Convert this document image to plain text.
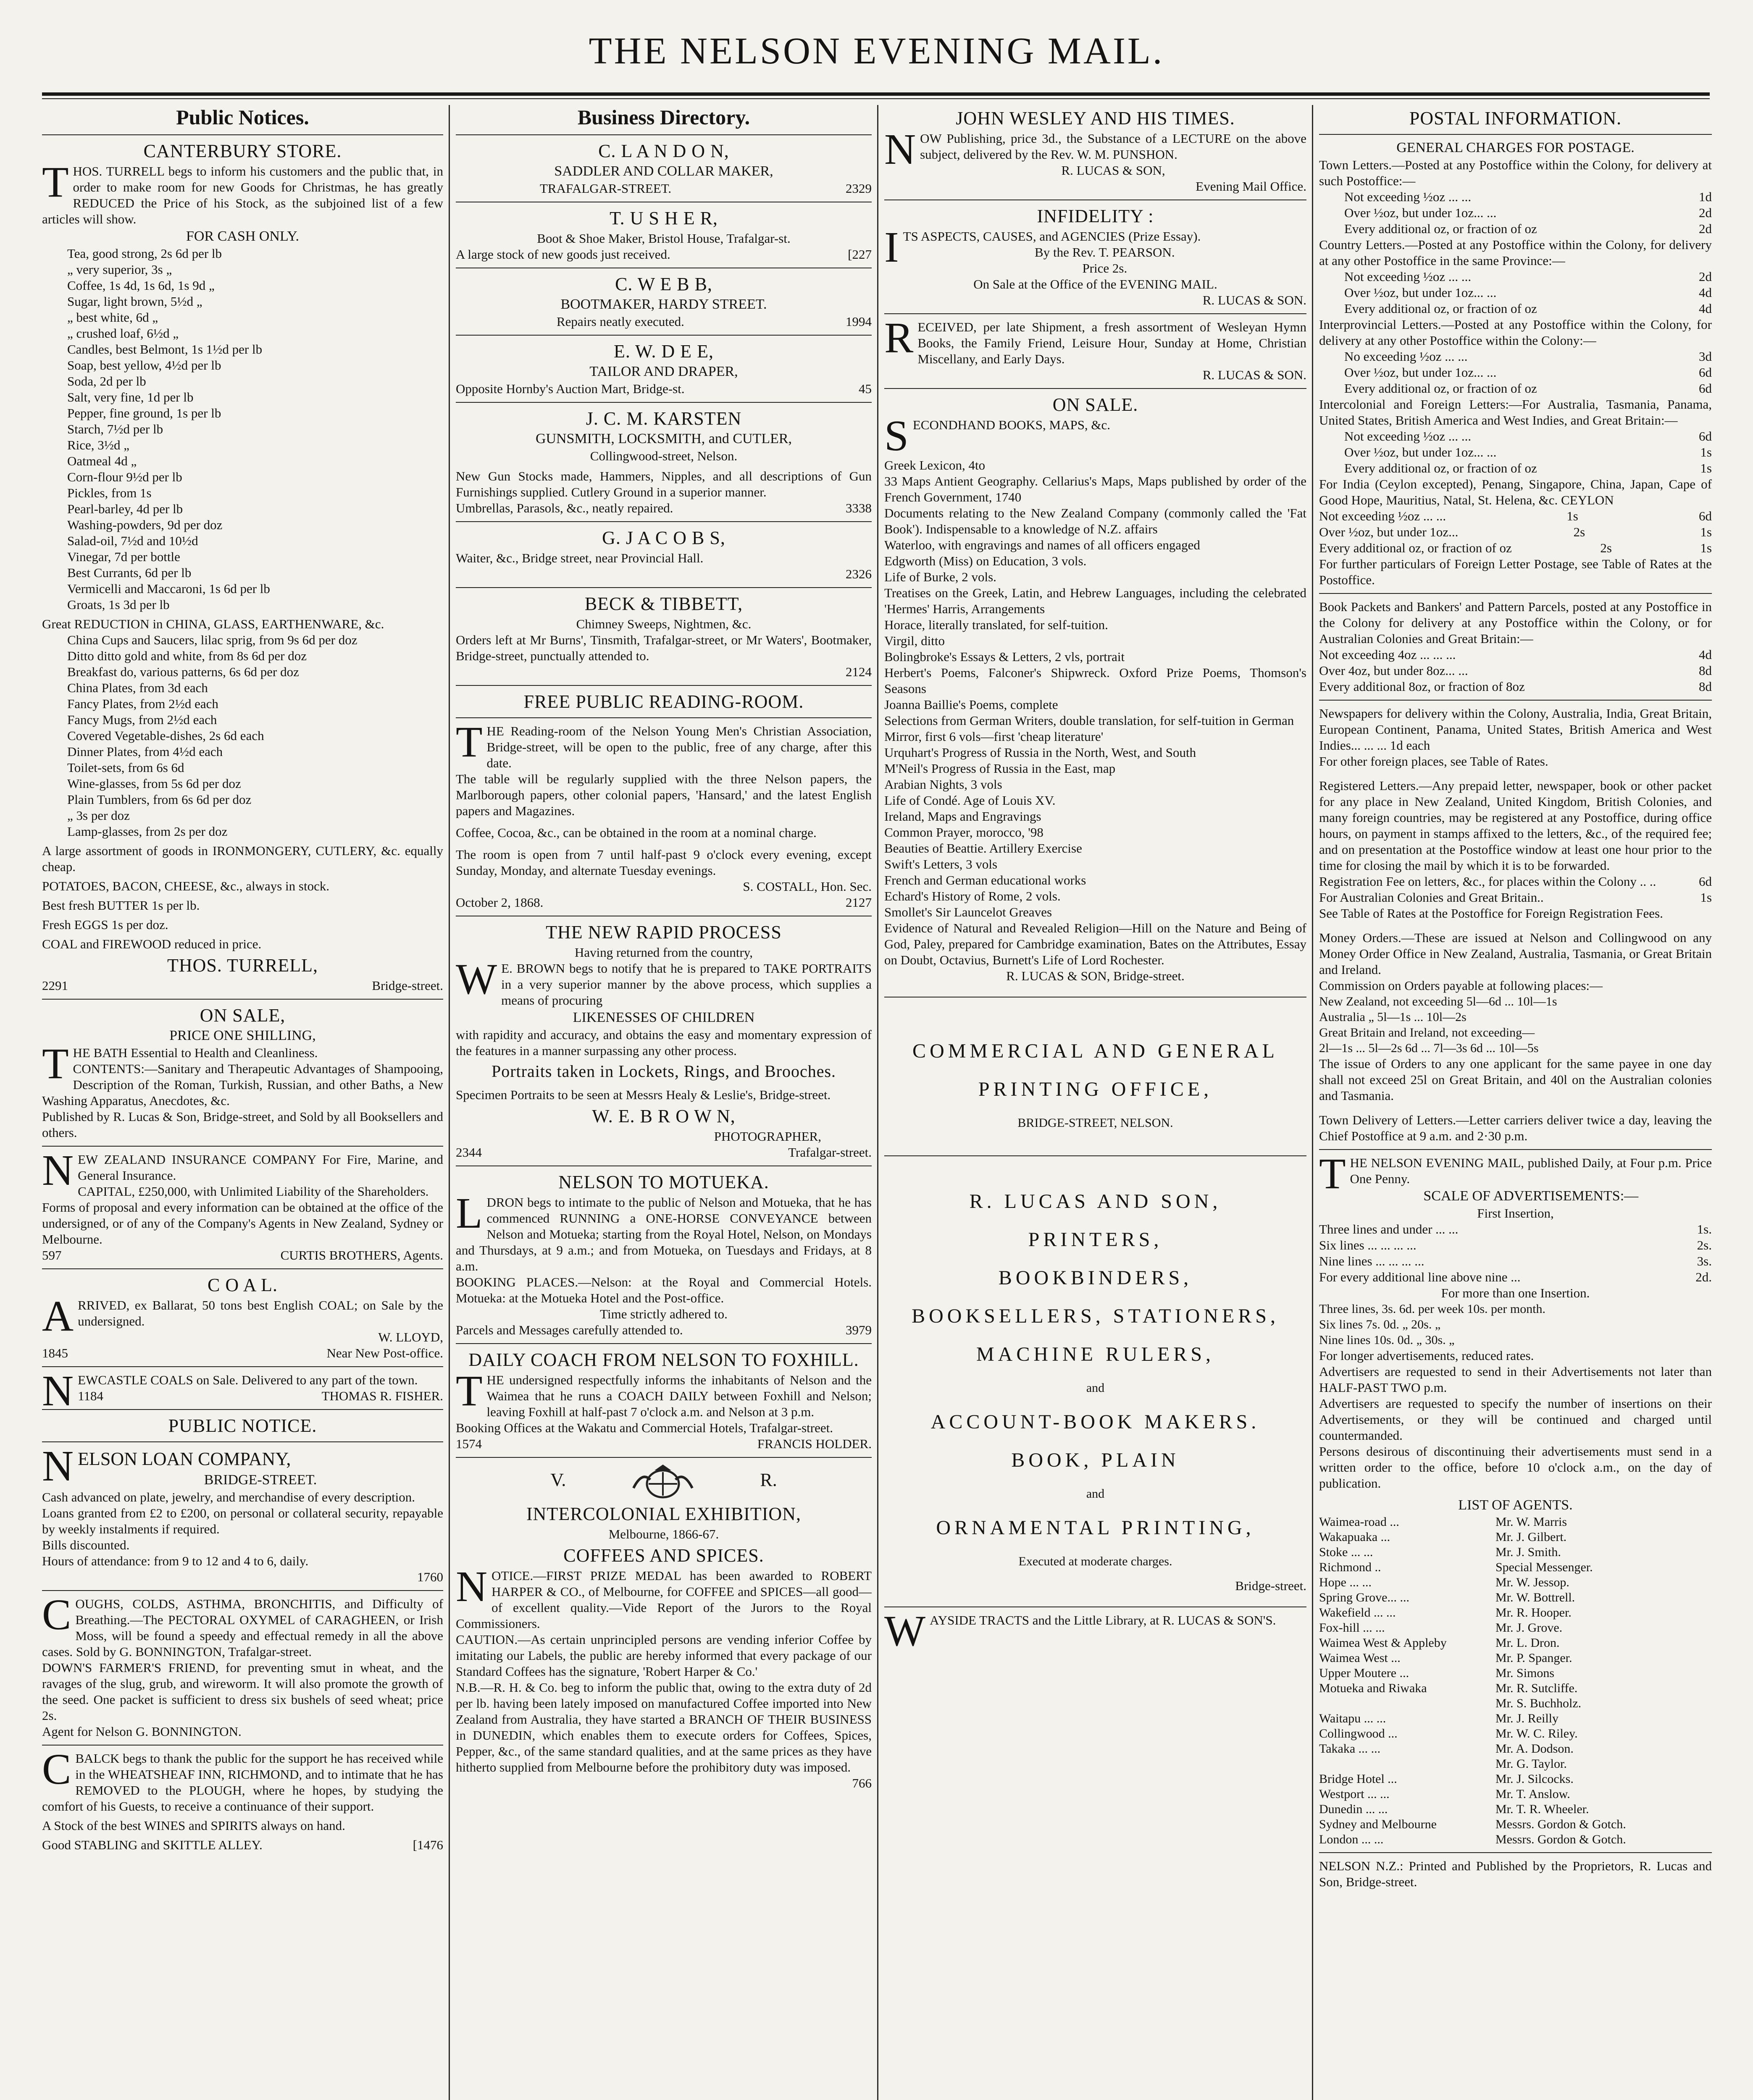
THE NELSON EVENING MAIL.
Public Notices.
CANTERBURY STORE.
THOS. TURRELL begs to inform his customers and the public that, in order to make room for new Goods for Christmas, he has greatly REDUCED the Price of his Stock, as the subjoined list of a few articles will show.
FOR CASH ONLY.
Tea, good strong, 2s 6d per lb
„ very superior, 3s „
Coffee, 1s 4d, 1s 6d, 1s 9d „
Sugar, light brown, 5½d „
„ best white, 6d „
„ crushed loaf, 6½d „
Candles, best Belmont, 1s 1½d per lb
Soap, best yellow, 4½d per lb
Soda, 2d per lb
Salt, very fine, 1d per lb
Pepper, fine ground, 1s per lb
Starch, 7½d per lb
Rice, 3½d „
Oatmeal 4d „
Corn-flour 9½d per lb
Pickles, from 1s
Pearl-barley, 4d per lb
Washing-powders, 9d per doz
Salad-oil, 7½d and 10½d
Vinegar, 7d per bottle
Best Currants, 6d per lb
Vermicelli and Maccaroni, 1s 6d per lb
Groats, 1s 3d per lb
Great REDUCTION in CHINA, GLASS, EARTHENWARE, &c.
China Cups and Saucers, lilac sprig, from 9s 6d per doz
Ditto ditto gold and white, from 8s 6d per doz
Breakfast do, various patterns, 6s 6d per doz
China Plates, from 3d each
Fancy Plates, from 2½d each
Fancy Mugs, from 2½d each
Covered Vegetable-dishes, 2s 6d each
Dinner Plates, from 4½d each
Toilet-sets, from 6s 6d
Wine-glasses, from 5s 6d per doz
Plain Tumblers, from 6s 6d per doz
„ 3s per doz
Lamp-glasses, from 2s per doz
A large assortment of goods in IRONMONGERY, CUTLERY, &c. equally cheap.
POTATOES, BACON, CHEESE, &c., always in stock.
Best fresh BUTTER 1s per lb.
Fresh EGGS 1s per doz.
COAL and FIREWOOD reduced in price.
THOS. TURRELL,
2291	Bridge-street.
ON SALE,
PRICE ONE SHILLING,
THE BATH Essential to Health and Cleanliness.
CONTENTS:—Sanitary and Therapeutic Advantages of Shampooing, Description of the Roman, Turkish, Russian, and other Baths, a New Washing Apparatus, Anecdotes, &c.
Published by R. Lucas & Son, Bridge-street, and Sold by all Booksellers and others.
NEW ZEALAND INSURANCE COMPANY For Fire, Marine, and General Insurance.
CAPITAL, £250,000, with Unlimited Liability of the Shareholders.
Forms of proposal and every information can be obtained at the office of the undersigned, or of any of the Company's Agents in New Zealand, Sydney or Melbourne.
597	CURTIS BROTHERS, Agents.
C O A L.
ARRIVED, ex Ballarat, 50 tons best English COAL; on Sale by the undersigned.
W. LLOYD,
1845	Near New Post-office.
NEWCASTLE COALS on Sale. Delivered to any part of the town.
1184	THOMAS R. FISHER.
PUBLIC NOTICE.
NELSON LOAN COMPANY,
BRIDGE-STREET.
Cash advanced on plate, jewelry, and merchandise of every description.
Loans granted from £2 to £200, on personal or collateral security, repayable by weekly instalments if required.
Bills discounted.
Hours of attendance: from 9 to 12 and 4 to 6, daily.
1760
COUGHS, COLDS, ASTHMA, BRONCHITIS, and Difficulty of Breathing.—The PECTORAL OXYMEL of CARAGHEEN, or Irish Moss, will be found a speedy and effectual remedy in all the above cases. Sold by G. BONNINGTON, Trafalgar-street.
DOWN'S FARMER'S FRIEND, for preventing smut in wheat, and the ravages of the slug, grub, and wireworm. It will also promote the growth of the seed. One packet is sufficient to dress six bushels of seed wheat; price 2s.
Agent for Nelson G. BONNINGTON.
CBALCK begs to thank the public for the support he has received while in the WHEATSHEAF INN, RICHMOND, and to intimate that he has REMOVED to the PLOUGH, where he hopes, by studying the comfort of his Guests, to receive a continuance of their support.
A Stock of the best WINES and SPIRITS always on hand.
Good STABLING and SKITTLE ALLEY.	[1476
Business Directory.
C. L A N D O N,
SADDLER AND COLLAR MAKER,
TRAFALGAR-STREET.	2329
T. U S H E R,
Boot & Shoe Maker, Bristol House, Trafalgar-st.
A large stock of new goods just received.	[227
C. W E B B,
BOOTMAKER, HARDY STREET.
Repairs neatly executed.	1994
E. W. D E E,
TAILOR AND DRAPER,
Opposite Hornby's Auction Mart, Bridge-st.	45
J. C. M. KARSTEN
GUNSMITH, LOCKSMITH, and CUTLER,
Collingwood-street, Nelson.
New Gun Stocks made, Hammers, Nipples, and all descriptions of Gun Furnishings supplied. Cutlery Ground in a superior manner.
Umbrellas, Parasols, &c., neatly repaired.	3338
G. J A C O B S,
Waiter, &c., Bridge street, near Provincial Hall.
2326
BECK & TIBBETT,
Chimney Sweeps, Nightmen, &c.
Orders left at Mr Burns', Tinsmith, Trafalgar-street, or Mr Waters', Bootmaker, Bridge-street, punctually attended to.
2124
FREE PUBLIC READING-ROOM.
THE Reading-room of the Nelson Young Men's Christian Association, Bridge-street, will be open to the public, free of any charge, after this date.
The table will be regularly supplied with the three Nelson papers, the Marlborough papers, other colonial papers, 'Hansard,' and the latest English papers and Magazines.
Coffee, Cocoa, &c., can be obtained in the room at a nominal charge.
The room is open from 7 until half-past 9 o'clock every evening, except Sunday, Monday, and alternate Tuesday evenings.
S. COSTALL, Hon. Sec.
October 2, 1868.	2127
THE NEW RAPID PROCESS
Having returned from the country,
W E. BROWN begs to notify that he is prepared to TAKE PORTRAITS in a very superior manner by the above process, which supplies a means of procuring
LIKENESSES OF CHILDREN
with rapidity and accuracy, and obtains the easy and momentary expression of the features in a manner surpassing any other process.
Portraits taken in Lockets, Rings, and Brooches.
Specimen Portraits to be seen at Messrs Healy & Leslie's, Bridge-street.
W. E. B R O W N,
PHOTOGRAPHER,
2344	Trafalgar-street.
NELSON TO MOTUEKA.
LDRON begs to intimate to the public of Nelson and Motueka, that he has commenced RUNNING a ONE-HORSE CONVEYANCE between Nelson and Motueka; starting from the Royal Hotel, Nelson, on Mondays and Thursdays, at 9 a.m.; and from Motueka, on Tuesdays and Fridays, at 8 a.m.
BOOKING PLACES.—Nelson: at the Royal and Commercial Hotels. Motueka: at the Motueka Hotel and the Post-office.
Time strictly adhered to.
Parcels and Messages carefully attended to.	3979
DAILY COACH FROM NELSON TO FOXHILL.
THE undersigned respectfully informs the inhabitants of Nelson and the Waimea that he runs a COACH DAILY between Foxhill and Nelson; leaving Foxhill at half-past 7 o'clock a.m. and Nelson at 3 p.m.
Booking Offices at the Wakatu and Commercial Hotels, Trafalgar-street.
1574	FRANCIS HOLDER.
V.	R.
INTERCOLONIAL EXHIBITION,
Melbourne, 1866-67.
COFFEES AND SPICES.
NOTICE.—FIRST PRIZE MEDAL has been awarded to ROBERT HARPER & CO., of Melbourne, for COFFEE and SPICES—all good—of excellent quality.—Vide Report of the Jurors to the Royal Commissioners.
CAUTION.—As certain unprincipled persons are vending inferior Coffee by imitating our Labels, the public are hereby informed that every package of our Standard Coffees has the signature, 'Robert Harper & Co.'
N.B.—R. H. & Co. beg to inform the public that, owing to the extra duty of 2d per lb. having been lately imposed on manufactured Coffee imported into New Zealand from Australia, they have started a BRANCH OF THEIR BUSINESS in DUNEDIN, which enables them to execute orders for Coffees, Spices, Pepper, &c., of the same standard qualities, and at the same prices as they have hitherto supplied from Melbourne before the prohibitory duty was imposed.
766
JOHN WESLEY AND HIS TIMES.
NOW Publishing, price 3d., the Substance of a LECTURE on the above subject, delivered by the Rev. W. M. PUNSHON.
R. LUCAS & SON,
Evening Mail Office.
INFIDELITY :
ITS ASPECTS, CAUSES, and AGENCIES (Prize Essay).
By the Rev. T. PEARSON.
Price 2s.
On Sale at the Office of the EVENING MAIL.
R. LUCAS & SON.
RECEIVED, per late Shipment, a fresh assortment of Wesleyan Hymn Books, the Family Friend, Leisure Hour, Sunday at Home, Christian Miscellany, and Early Days.
R. LUCAS & SON.
ON SALE.
SECONDHAND BOOKS, MAPS, &c.
Greek Lexicon, 4to
33 Maps Antient Geography. Cellarius's Maps, Maps published by order of the French Government, 1740
Documents relating to the New Zealand Company (commonly called the 'Fat Book'). Indispensable to a knowledge of N.Z. affairs
Waterloo, with engravings and names of all officers engaged
Edgworth (Miss) on Education, 3 vols.
Life of Burke, 2 vols.
Treatises on the Greek, Latin, and Hebrew Languages, including the celebrated 'Hermes' Harris, Arrangements
Horace, literally translated, for self-tuition.
Virgil, ditto
Bolingbroke's Essays & Letters, 2 vls, portrait
Herbert's Poems, Falconer's Shipwreck. Oxford Prize Poems, Thomson's Seasons
Joanna Baillie's Poems, complete
Selections from German Writers, double translation, for self-tuition in German
Mirror, first 6 vols—first 'cheap literature'
Urquhart's Progress of Russia in the North, West, and South
M'Neil's Progress of Russia in the East, map
Arabian Nights, 3 vols
Life of Condé. Age of Louis XV.
Ireland, Maps and Engravings
Common Prayer, morocco, '98
Beauties of Beattie. Artillery Exercise
Swift's Letters, 3 vols
French and German educational works
Echard's History of Rome, 2 vols.
Smollet's Sir Launcelot Greaves
Evidence of Natural and Revealed Religion—Hill on the Nature and Being of God, Paley, prepared for Cambridge examination, Bates on the Attributes, Essay on Doubt, Octavius, Burnett's Life of Lord Rochester.
R. LUCAS & SON, Bridge-street.
COMMERCIAL AND GENERAL
PRINTING OFFICE,
BRIDGE-STREET, NELSON.
R. LUCAS AND SON,
PRINTERS,
BOOKBINDERS,
BOOKSELLERS, STATIONERS,
MACHINE RULERS,
and
ACCOUNT-BOOK MAKERS.
BOOK, PLAIN
and
ORNAMENTAL PRINTING,
Executed at moderate charges.
Bridge-street.
WAYSIDE TRACTS and the Little Library, at R. LUCAS & SON'S.
POSTAL INFORMATION.
GENERAL CHARGES FOR POSTAGE.
Town Letters.—Posted at any Postoffice within the Colony, for delivery at such Postoffice:—
Not exceeding ½oz ... ...	1d
Over ½oz, but under 1oz... ...	2d
Every additional oz, or fraction of oz	2d
Country Letters.—Posted at any Postoffice within the Colony, for delivery at any other Postoffice in the same Province:—
Not exceeding ½oz ... ...	2d
Over ½oz, but under 1oz... ...	4d
Every additional oz, or fraction of oz	4d
Interprovincial Letters.—Posted at any Postoffice within the Colony, for delivery at any other Postoffice within the Colony:—
No exceeding ½oz ... ...	3d
Over ½oz, but under 1oz... ...	6d
Every additional oz, or fraction of oz	6d
Intercolonial and Foreign Letters:—For Australia, Tasmania, Panama, United States, British America and West Indies, and Great Britain:—
Not exceeding ½oz ... ...	6d
Over ½oz, but under 1oz... ...	1s
Every additional oz, or fraction of oz	1s
For India (Ceylon excepted), Penang, Singapore, China, Japan, Cape of Good Hope, Mauritius, Natal, St. Helena, &c. CEYLON
Not exceeding ½oz ... ...	1s	6d
Over ½oz, but under 1oz...	2s	1s
Every additional oz, or fraction of oz	2s	1s
For further particulars of Foreign Letter Postage, see Table of Rates at the Postoffice.
Book Packets and Bankers' and Pattern Parcels, posted at any Postoffice in the Colony for delivery at any Postoffice within the Colony, or for Australian Colonies and Great Britain:—
Not exceeding 4oz ... ... ...	4d
Over 4oz, but under 8oz... ...	8d
Every additional 8oz, or fraction of 8oz	8d
Newspapers for delivery within the Colony, Australia, India, Great Britain, European Continent, Panama, United States, British America and West Indies... ... ... 1d each
For other foreign places, see Table of Rates.
Registered Letters.—Any prepaid letter, newspaper, book or other packet for any place in New Zealand, United Kingdom, British Colonies, and many foreign countries, may be registered at any Postoffice, during office hours, on payment in stamps affixed to the letters, &c., of the required fee; and on presentation at the Postoffice window at least one hour prior to the time for closing the mail by which it is to be forwarded.
Registration Fee on letters, &c., for places within the Colony .. ..	6d
For Australian Colonies and Great Britain..	1s
See Table of Rates at the Postoffice for Foreign Registration Fees.
Money Orders.—These are issued at Nelson and Collingwood on any Money Order Office in New Zealand, Australia, Tasmania, or Great Britain and Ireland.
Commission on Orders payable at following places:—
New Zealand, not exceeding 5l—6d ... 10l—1s
Australia „ 5l—1s ... 10l—2s
Great Britain and Ireland, not exceeding—
2l—1s ... 5l—2s 6d ... 7l—3s 6d ... 10l—5s
The issue of Orders to any one applicant for the same payee in one day shall not exceed 25l on Great Britain, and 40l on the Australian colonies and Tasmania.
Town Delivery of Letters.—Letter carriers deliver twice a day, leaving the Chief Postoffice at 9 a.m. and 2·30 p.m.
THE NELSON EVENING MAIL, published Daily, at Four p.m. Price One Penny.
SCALE OF ADVERTISEMENTS:—
First Insertion,
Three lines and under ... ...	1s.
Six lines ... ... ... ...	2s.
Nine lines ... ... ... ...	3s.
For every additional line above nine ...	2d.
For more than one Insertion.
Three lines, 3s. 6d. per week 10s. per month.
Six lines 7s. 0d. „ 20s. „
Nine lines 10s. 0d. „ 30s. „
For longer advertisements, reduced rates.
Advertisers are requested to send in their Advertisements not later than HALF-PAST TWO p.m.
Advertisers are requested to specify the number of insertions on their Advertisements, or they will be continued and charged until countermanded.
Persons desirous of discontinuing their advertisements must send in a written order to the office, before 10 o'clock a.m., on the day of publication.
LIST OF AGENTS.
Waimea-road ...	Mr. W. Marris
Wakapuaka ...	Mr. J. Gilbert.
Stoke ... ...	Mr. J. Smith.
Richmond ..	Special Messenger.
Hope ... ...	Mr. W. Jessop.
Spring Grove... ...	Mr. W. Bottrell.
Wakefield ... ...	Mr. R. Hooper.
Fox-hill ... ...	Mr. J. Grove.
Waimea West & Appleby	Mr. L. Dron.
Waimea West ...	Mr. P. Spanger.
Upper Moutere ...	Mr. Simons
Motueka and Riwaka	Mr. R. Sutcliffe.
Mr. S. Buchholz.
Waitapu ... ...	Mr. J. Reilly
Collingwood ...	Mr. W. C. Riley.
Takaka ... ...	Mr. A. Dodson.
Mr. G. Taylor.
Bridge Hotel ...	Mr. J. Silcocks.
Westport ... ...	Mr. T. Anslow.
Dunedin ... ...	Mr. T. R. Wheeler.
Sydney and Melbourne	Messrs. Gordon & Gotch.
London ... ...	Messrs. Gordon & Gotch.
NELSON N.Z.: Printed and Published by the Proprietors, R. Lucas and Son, Bridge-street.
